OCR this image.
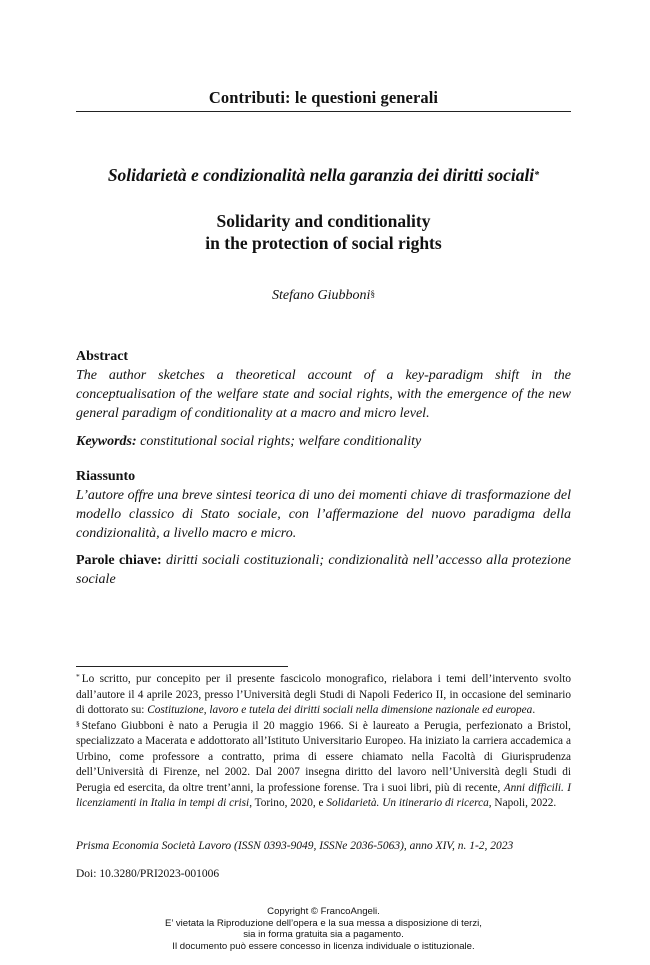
Contributi: le questioni generali
Solidarietà e condizionalità nella garanzia dei diritti sociali*
Solidarity and conditionality
in the protection of social rights
Stefano Giubboni§
Abstract
The author sketches a theoretical account of a key-paradigm shift in the conceptualisation of the welfare state and social rights, with the emergence of the new general paradigm of conditionality at a macro and micro level.
Keywords: constitutional social rights; welfare conditionality
Riassunto
L’autore offre una breve sintesi teorica di uno dei momenti chiave di trasformazione del modello classico di Stato sociale, con l’affermazione del nuovo paradigma della condizionalità, a livello macro e micro.
Parole chiave: diritti sociali costituzionali; condizionalità nell’accesso alla protezione sociale
* Lo scritto, pur concepito per il presente fascicolo monografico, rielabora i temi dell’intervento svolto dall’autore il 4 aprile 2023, presso l’Università degli Studi di Napoli Federico II, in occasione del seminario di dottorato su: Costituzione, lavoro e tutela dei diritti sociali nella dimensione nazionale ed europea.
§ Stefano Giubboni è nato a Perugia il 20 maggio 1966. Si è laureato a Perugia, perfezionato a Bristol, specializzato a Macerata e addottorato all’Istituto Universitario Europeo. Ha iniziato la carriera accademica a Urbino, come professore a contratto, prima di essere chiamato nella Facoltà di Giurisprudenza dell’Università di Firenze, nel 2002. Dal 2007 insegna diritto del lavoro nell’Università degli Studi di Perugia ed esercita, da oltre trent’anni, la professione forense. Tra i suoi libri, più di recente, Anni difficili. I licenziamenti in Italia in tempi di crisi, Torino, 2020, e Solidarietà. Un itinerario di ricerca, Napoli, 2022.
Prisma Economia Società Lavoro (ISSN 0393-9049, ISSNe 2036-5063), anno XIV, n. 1-2, 2023
Doi: 10.3280/PRI2023-001006
Copyright © FrancoAngeli.
E’ vietata la Riproduzione dell’opera e la sua messa a disposizione di terzi,
sia in forma gratuita sia a pagamento.
Il documento può essere concesso in licenza individuale o istituzionale.
